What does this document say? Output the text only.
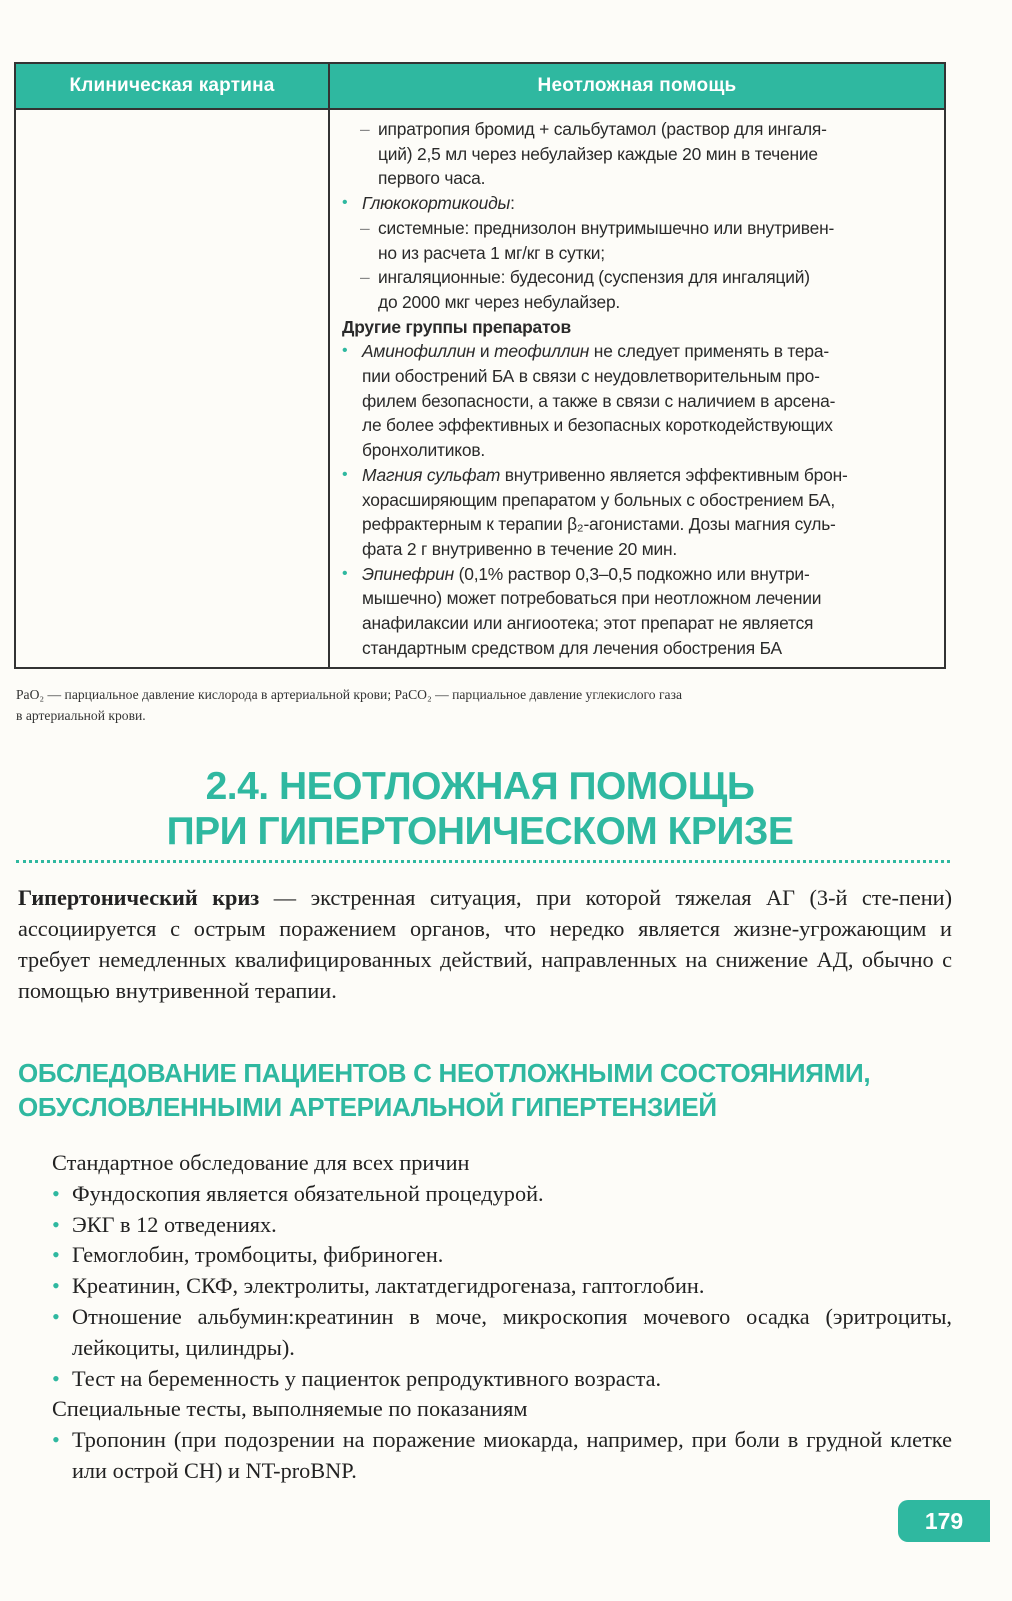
Клиническая картина	Неотложная помощь
– ипратропия бромид + сальбутамол (раствор для ингаля-
ций) 2,5 мл через небулайзер каждые 20 мин в течение
первого часа.
• Глюкокортикоиды:
– системные: преднизолон внутримышечно или внутривен-
но из расчета 1 мг/кг в сутки;
– ингаляционные: будесонид (суспензия для ингаляций)
до 2000 мкг через небулайзер.
Другие группы препаратов
• Аминофиллин и теофиллин не следует применять в тера-
пии обострений БА в связи с неудовлетворительным про-
филем безопасности, а также в связи с наличием в арсена-
ле более эффективных и безопасных короткодействующих
бронхолитиков.
• Магния сульфат внутривенно является эффективным брон-
хорасширяющим препаратом у больных с обострением БА,
рефрактерным к терапии β₂-агонистами. Дозы магния суль-
фата 2 г внутривенно в течение 20 мин.
• Эпинефрин (0,1% раствор 0,3–0,5 подкожно или внутри-
мышечно) может потребоваться при неотложном лечении
анафилаксии или ангиоотека; этот препарат не является
стандартным средством для лечения обострения БА
PaO₂ — парциальное давление кислорода в артериальной крови; PaCO₂ — парциальное давление углекислого газа
в артериальной крови.
2.4. НЕОТЛОЖНАЯ ПОМОЩЬ
ПРИ ГИПЕРТОНИЧЕСКОМ КРИЗЕ
Гипертонический криз — экстренная ситуация, при которой тяжелая АГ (3-й сте-пени) ассоциируется с острым поражением органов, что нередко является жизне-угрожающим и требует немедленных квалифицированных действий, направленных на снижение АД, обычно с помощью внутривенной терапии.
ОБСЛЕДОВАНИЕ ПАЦИЕНТОВ С НЕОТЛОЖНЫМИ СОСТОЯНИЯМИ,
ОБУСЛОВЛЕННЫМИ АРТЕРИАЛЬНОЙ ГИПЕРТЕНЗИЕЙ
Стандартное обследование для всех причин
• Фундоскопия является обязательной процедурой.
• ЭКГ в 12 отведениях.
• Гемоглобин, тромбоциты, фибриноген.
• Креатинин, СКФ, электролиты, лактатдегидрогеназа, гаптоглобин.
• Отношение альбумин:креатинин в моче, микроскопия мочевого осадка (эритроциты, лейкоциты, цилиндры).
• Тест на беременность у пациенток репродуктивного возраста.
Специальные тесты, выполняемые по показаниям
• Тропонин (при подозрении на поражение миокарда, например, при боли в грудной клетке или острой СН) и NT-proBNP.
179
